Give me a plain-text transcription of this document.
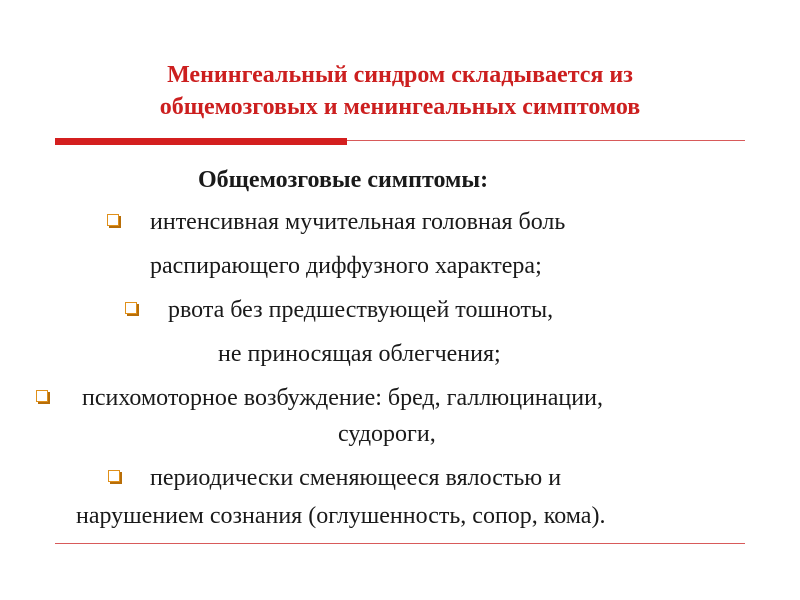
Менингеальный синдром складывается из
общемозговых и менингеальных симптомов
Общемозговые симптомы:
интенсивная мучительная головная боль
распирающего диффузного характера;
рвота без предшествующей тошноты,
не приносящая облегчения;
психомоторное возбуждение: бред, галлюцинации,
судороги,
периодически сменяющееся вялостью и
нарушением сознания (оглушенность, сопор, кома).
